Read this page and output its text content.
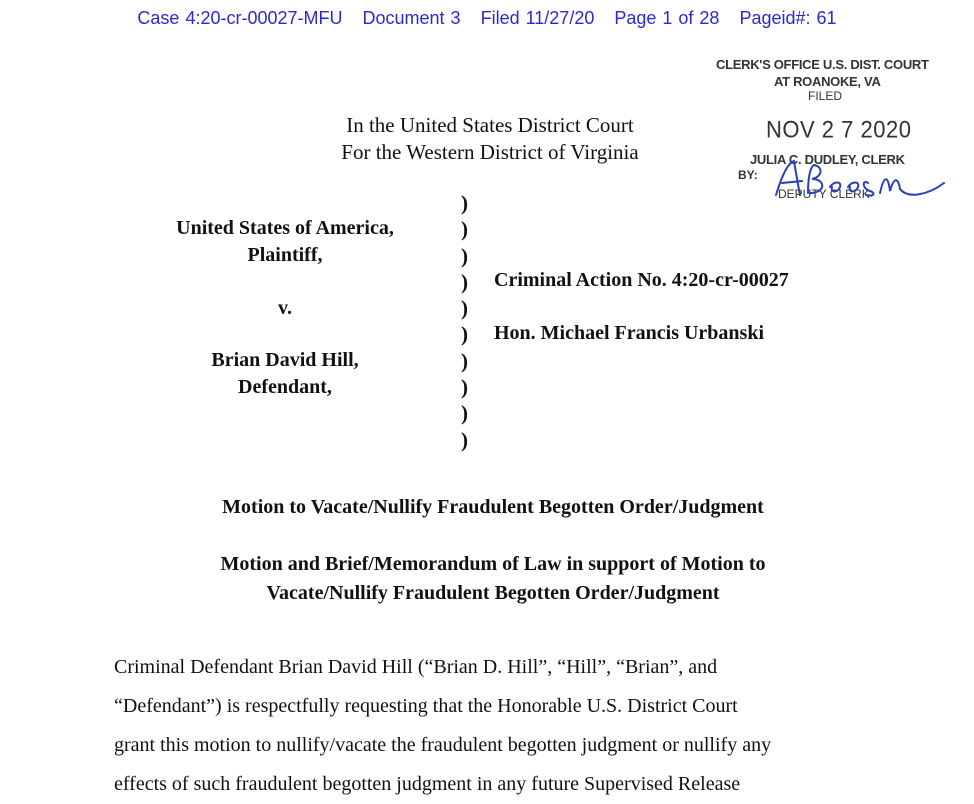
Case 4:20-cr-00027-MFU Document 3 Filed 11/27/20 Page 1 of 28 Pageid#: 61
CLERK'S OFFICE U.S. DIST. COURT
AT ROANOKE, VA
FILED
NOV 2 7 2020
JULIA C. DUDLEY, CLERK
BY:
DEPUTY CLERK
In the United States District Court
For the Western District of Virginia
United States of America,
Plaintiff,
v.
Brian David Hill,
Defendant,
)
)
)
)
)
)
)
)
)
)
Criminal Action No. 4:20-cr-00027
Hon. Michael Francis Urbanski
Motion to Vacate/Nullify Fraudulent Begotten Order/Judgment
Motion and Brief/Memorandum of Law in support of Motion to
Vacate/Nullify Fraudulent Begotten Order/Judgment

Criminal Defendant Brian David Hill (“Brian D. Hill”, “Hill”, “Brian”, and

“Defendant”) is respectfully requesting that the Honorable U.S. District Court

grant this motion to nullify/vacate the fraudulent begotten judgment or nullify any

effects of such fraudulent begotten judgment in any future Supervised Release
